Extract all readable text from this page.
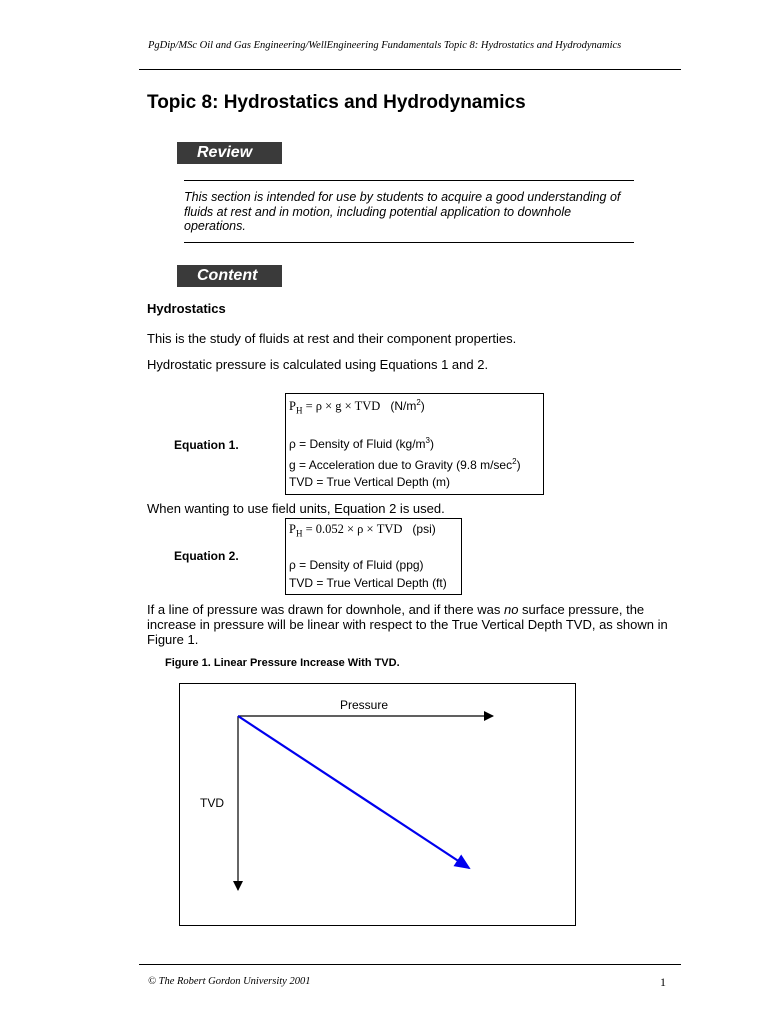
PgDip/MSc Oil and Gas Engineering/WellEngineering Fundamentals Topic 8: Hydrostatics and Hydrodynamics
Topic 8: Hydrostatics and Hydrodynamics
Review
This section is intended for use by students to acquire a good understanding of fluids at rest and in motion, including potential application to downhole operations.
Content
Hydrostatics
This is the study of fluids at rest and their component properties.
Hydrostatic pressure is calculated using Equations 1 and 2.
Equation 1.
$P_H = \rho \times g$ × TVD $(N/m^2)$
ρ = Density of Fluid $(kg/m^3)$
g = Acceleration due to Gravity (9.8 $m/\sec^2$)
TVD = True Vertical Depth (m)
When wanting to use field units, Equation 2 is used.
Equation 2.
$P_H = 0.052 \times \rho$ × TVD (psi)
ρ = Density of Fluid (ppg)
TVD = True Vertical Depth (ft)
If a line of pressure was drawn for downhole, and if there was no surface pressure, the increase in pressure will be linear with respect to the True Vertical Depth TVD, as shown in Figure 1.
Figure 1. Linear Pressure Increase With TVD.
Pressure
TVD
© The Robert Gordon University 2001	1
